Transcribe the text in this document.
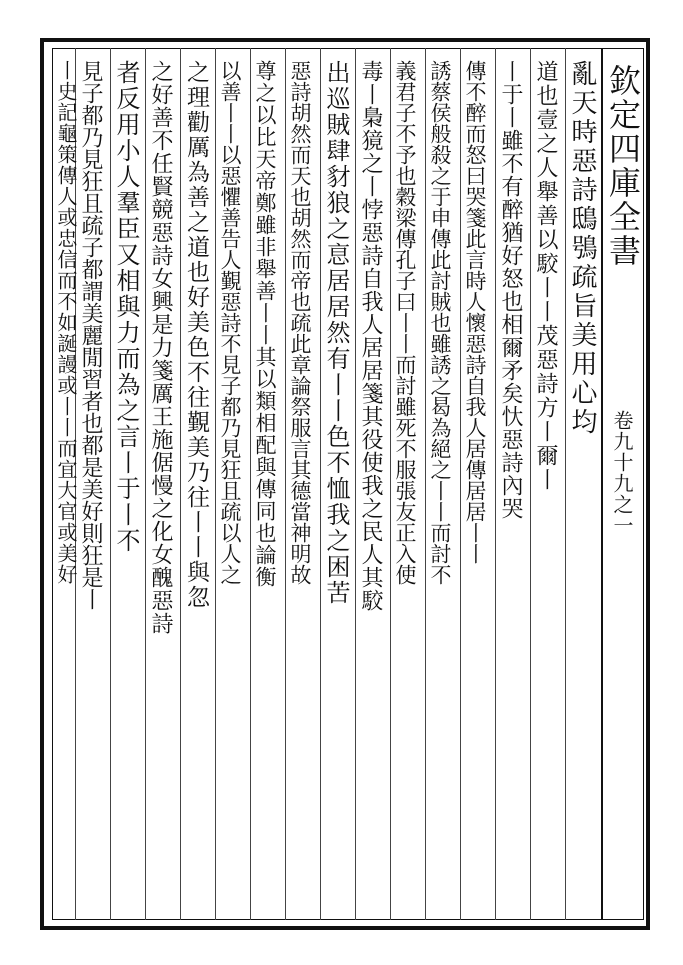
欽定四庫全書
卷九十九之一
亂天時惡詩鴟鴞疏旨美用心均
道也壹之人舉善以駮丨丨茂惡詩方丨爾丨
丨于丨雖不有醉猶好怒也相爾矛矣忕惡詩內哭
傳不醉而怒曰哭箋此言時人懷惡詩自我人居傳居居丨丨
誘蔡侯般殺之于申傳此討賊也雖誘之曷為絕之丨丨而討不
義君子不予也穀梁傳孔子曰丨丨而討雖死不服張友正入使
毒丨梟獍之丨悖惡詩自我人居居箋其役使我之民人其駮
出巡賊肆豺狼之恴居居然有丨丨色不恤我之困苦
惡詩胡然而天也胡然而帝也疏此章論祭服言其德當神明故
尊之以比天帝鄭雖非舉善丨丨其以類相配與傳同也論衡
以善丨丨以惡懼善告人覲惡詩不見子都乃見狂且疏以人之
之理勸厲為善之道也好美色不往覲美乃往丨丨與忽
之好善不任賢競惡詩女興是力箋厲王施倨慢之化女醜惡詩
者反用小人羣臣又相與力而為之言丨于丨不
見子都乃見狂且疏子都謂美麗閒習者也都是美好則狂是丨
丨史記龜策傳人或忠信而不如誕謾或丨丨而宜大官或美好
